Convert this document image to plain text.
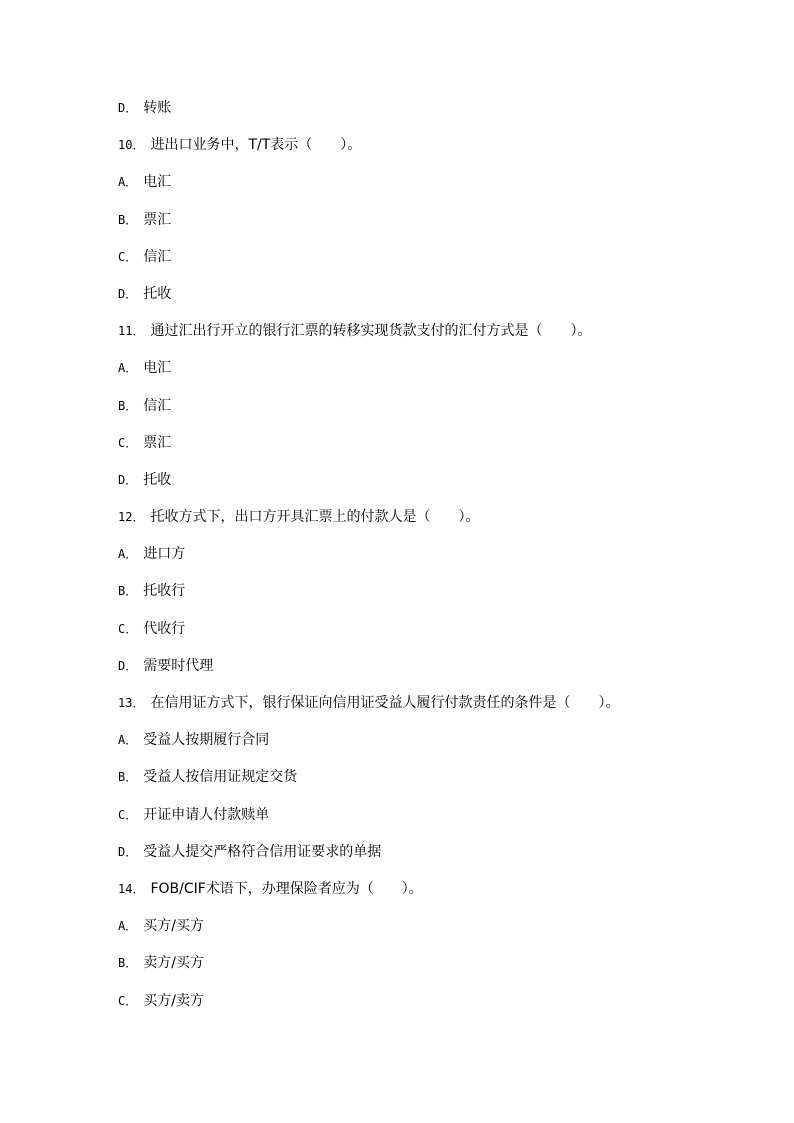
D． 转账
10． 进出口业务中，T/T表示（　　）。
A． 电汇
B． 票汇
C． 信汇
D． 托收
11． 通过汇出行开立的银行汇票的转移实现货款支付的汇付方式是（　　）。
A． 电汇
B． 信汇
C． 票汇
D． 托收
12． 托收方式下，出口方开具汇票上的付款人是（　　）。
A． 进口方
B． 托收行
C． 代收行
D． 需要时代理
13． 在信用证方式下，银行保证向信用证受益人履行付款责任的条件是（　　）。
A． 受益人按期履行合同
B． 受益人按信用证规定交货
C． 开证申请人付款赎单
D． 受益人提交严格符合信用证要求的单据
14． FOB/CIF术语下，办理保险者应为（　　）。
A． 买方/买方
B． 卖方/买方
C． 买方/卖方
